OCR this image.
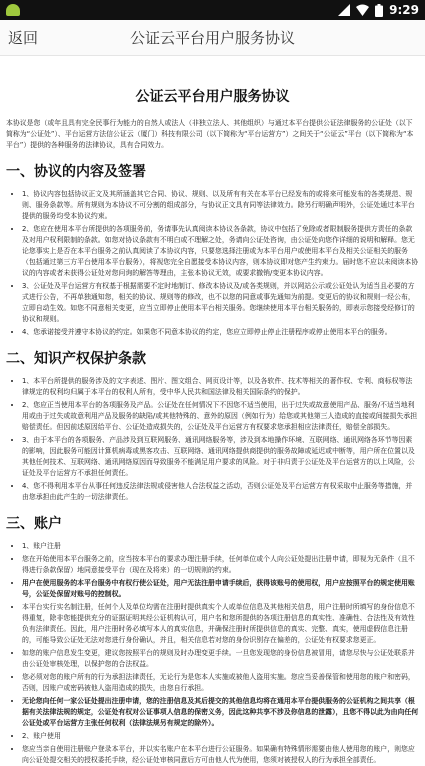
9:29
返回	公证云平台用户服务协议
公证云平台用户服务协议

本协议是您（或年且具有完全民事行为能力的自然人或法人（非独立法人、其他组织）与通过本平台提供公证法律服务的公证处（以下简称为“公证处”）、平台运营方法信公证云（厦门）科技有限公司（以下简称为“平台运营方”）之间关于“公证云”平台（以下简称为“本平台”）提供的各种服务的法律协议，具有合同效力。

一、协议的内容及签署
• 1、协议内容包括协议正文及其所涵盖其它合同、协议、规则、以及所有有关在本平台已经发布的或将来可能发布的各类规范、规则、服务条款等。所有规则为本协议不可分割的组成部分，与协议正文具有同等法律效力。除另行明确声明外，公证处通过本平台提供的服务均受本协议约束。
• 2、您应在使用本平台所提供的各项服务前，务请事先认真阅读本协议各条款，协议中包括了免除或者限制服务提供方责任的条款及对用户权利限制的条款。如您对协议条款有不明白或不理解之处，务请向公证处咨询，由公证处向您作详细的说明和解释。您无论您事实上是否在本平台服务之前认真阅读了本协议内容，只要您选择注册或为本平台用户或使用本平台及相关公证相关的服务（包括通过第三方平台使用本平台服务），将视您完全自愿接受本协议内容，则本协议即对您产生约束力。届时您不应以未阅读本协议的内容或者未获得公证处对您问询的解答等理由，主张本协议无效，或要求撤销/变更本协议内容。
• 3、公证处及平台运营方有权基于根据需要不定时地制订、修改本协议及/或各类规则，并以网站公示或公证处认为适当且必要的方式进行公告，不再单独通知您，相关的协议、规则等的修改，也不以您的同意或事先通知为前提。变更后的协议和规则一经公布，立即自动生效。如您不同意相关变更，应当立即停止使用本平台相关服务。您继续使用本平台相关服务的，即表示您接受经修订的协议和规则。
• 4、您承诺接受并遵守本协议的约定。如果您不同意本协议的约定，您应立即停止停止注册程序或停止使用本平台的服务。
二、知识产权保护条款
• 1、本平台所提供的服务涉及的文字表述、图片、图文组合、网页设计等，以及各软件、技术等相关的著作权、专利、商标权等法律规定的权利均归属于本平台的权利人所有，受中华人民共和国法律及相关国际条约的保护。
• 2、您应正当使用本平台的各项服务及产品。公证处在任何情况下不因您不适当使用，出于过失或故意使用产品、服务/不适当地利用或由于过失或故意利用产品及服务的缺陷/或其他特殊的、意外的原因（例如行为）给您或其他第三人造成的直接或间接损失承担赔偿责任。但因前述原因给平台、公证处造成损失的，公证处及平台运营方有权要求您承担相应法律责任，赔偿全部损失。
• 3、由于本平台的各项服务、产品涉及到互联网服务、通讯网络服务等，涉及到本地操作环境、互联网络、通讯网络各环节等因素的影响，因此服务可能因计算机病毒或黑客攻击、互联网络、通讯网络提供商提供的服务故障或延迟或中断等，用户所在位置以及其他任何技术、互联网络、通讯网络原因而导致服务不能满足用户要求的风险。对于非归责于公证处及平台运营方的以上风险，公证处及平台运营方不承担任何责任。
• 4、您不得利用本平台从事任何违反法律法规或侵害他人合法权益之活动，否则公证处及平台运营方有权采取中止服务等措施，并由您承担由此产生的一切法律责任。
三、账户
• 1、账户注册
• 您在开始使用本平台服务之前，应当按本平台的要求办理注册手续，任何单位或个人向公证处提出注册申请，即视为无条件（且不得进行条款保留）地同意接受平台（现在及将来）的一切规则的约束。
• 用户在使用服务的本平台服务中有权行使公证处，用户无法注册申请手续后，获得该账号的使用权，用户应按照平台的规定使用账号，公证处保留对账号的控制权。
• 本平台实行实名制注册，任何个人及单位均需在注册时提供真实个人或单位信息及其他相关信息，用户注册时所填写的身份信息不得重复，除非您能提供充分的证据证明其经公证机构认可，用户名和您所提供的各项注册信息的真实性、准确性、合法性及有效性负有法律责任。因此，用户注册时务必填写本人的真实信息，并确保注册时所提供信息的真实、完整、真实，使用虚假信息注册的，可能导致公证处无法对您进行身份确认，并且，相关信息若对您的身份识别存在偏差的，公证处有权要求您更正。
• 如您的账户信息发生变更，建议您按照平台的规则及时办理变更手续。一旦您发现您的身份信息被冒用，请您尽快与公证处联系并由公证处审核处理，以保护您的合法权益。
• 您必须对您的账户所有的行为承担法律责任，无论行为是您本人实施或被他人盗用实施。您应当妥善保管和使用您的账户和密码，否则，因账户或密码被他人盗用造成的损失，由您自行承担。
• 无论您向任何一家公证处提出注册申请，您的注册信息及其后提交的其他信息均将在通用本平台提供服务的公证机构之间共享（根据有关法律法规的规定，公证处有权对公证事项人信息的保密义务，因此这种共享不涉及你信息的泄露），且您不得以此为由向任何公证处或平台运营方主张任何权利（法律法规另有规定的除外）。
• 2、账户使用
• 您应当亲自使用注册账户登录本平台，并以实名账户在本平台进行公证服务。如果确有特殊情形需要由他人使用您的账户，则您应向公证处提交相关的授权委托手续，经公证处审核同意后方可由他人代为使用，您须对被授权人的行为承担全部责任。
